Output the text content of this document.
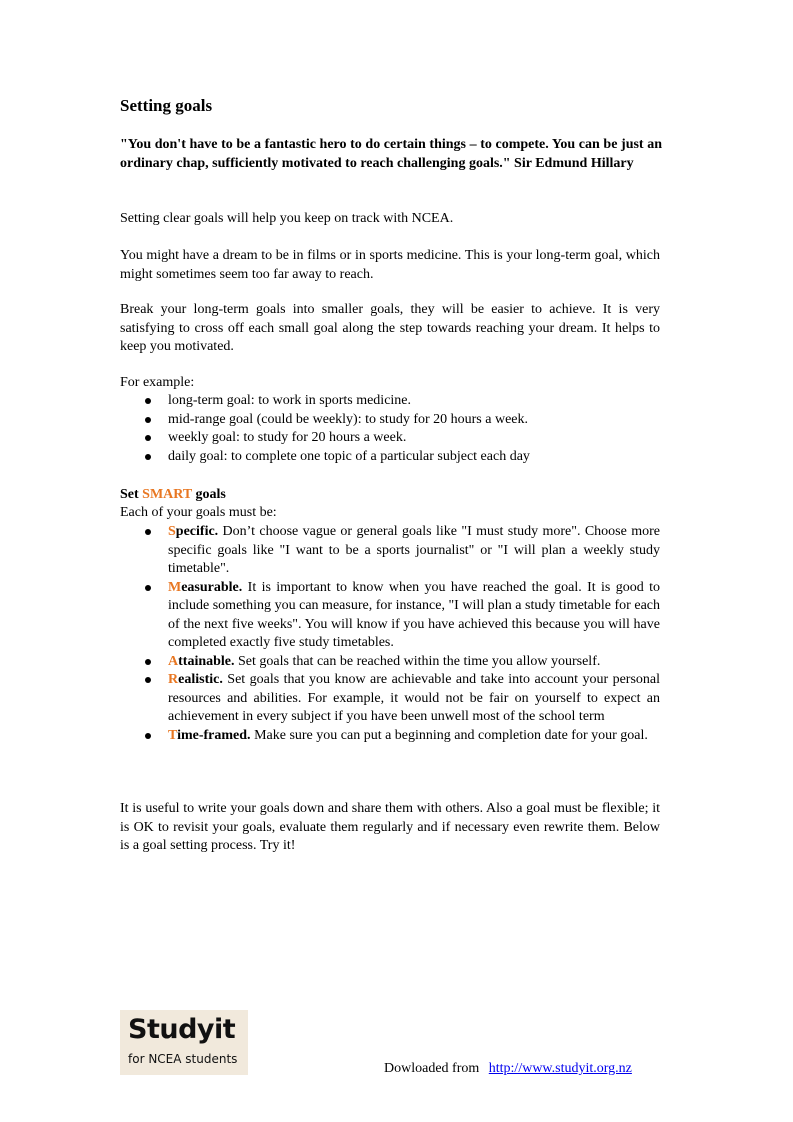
Setting goals

"You don't have to be a fantastic hero to do certain things – to compete. You can be just an ordinary chap, sufficiently motivated to reach challenging goals." Sir Edmund Hillary

Setting clear goals will help you keep on track with NCEA.

You might have a dream to be in films or in sports medicine. This is your long-term goal, which might sometimes seem too far away to reach.

Break your long-term goals into smaller goals, they will be easier to achieve. It is very satisfying to cross off each small goal along the step towards reaching your dream. It helps to keep you motivated.

For example:

long-term goal: to work in sports medicine.
mid-range goal (could be weekly): to study for 20 hours a week.
weekly goal: to study for 20 hours a week.
daily goal: to complete one topic of a particular subject each day

Set SMART goals

Each of your goals must be:

Specific. Don’t choose vague or general goals like "I must study more". Choose more specific goals like "I want to be a sports journalist" or "I will plan a weekly study timetable".
Measurable. It is important to know when you have reached the goal. It is good to include something you can measure, for instance, "I will plan a study timetable for each of the next five weeks". You will know if you have achieved this because you will have completed exactly five study timetables.
Attainable. Set goals that can be reached within the time you allow yourself.
Realistic. Set goals that you know are achievable and take into account your personal resources and abilities. For example, it would not be fair on yourself to expect an achievement in every subject if you have been unwell most of the school term
Time-framed. Make sure you can put a beginning and completion date for your goal.

It is useful to write your goals down and share them with others. Also a goal must be flexible; it is OK to revisit your goals, evaluate them regularly and if necessary even rewrite them. Below is a goal setting process. Try it!

Studyit
for NCEA students
Dowloaded from http://www.studyit.org.nz
